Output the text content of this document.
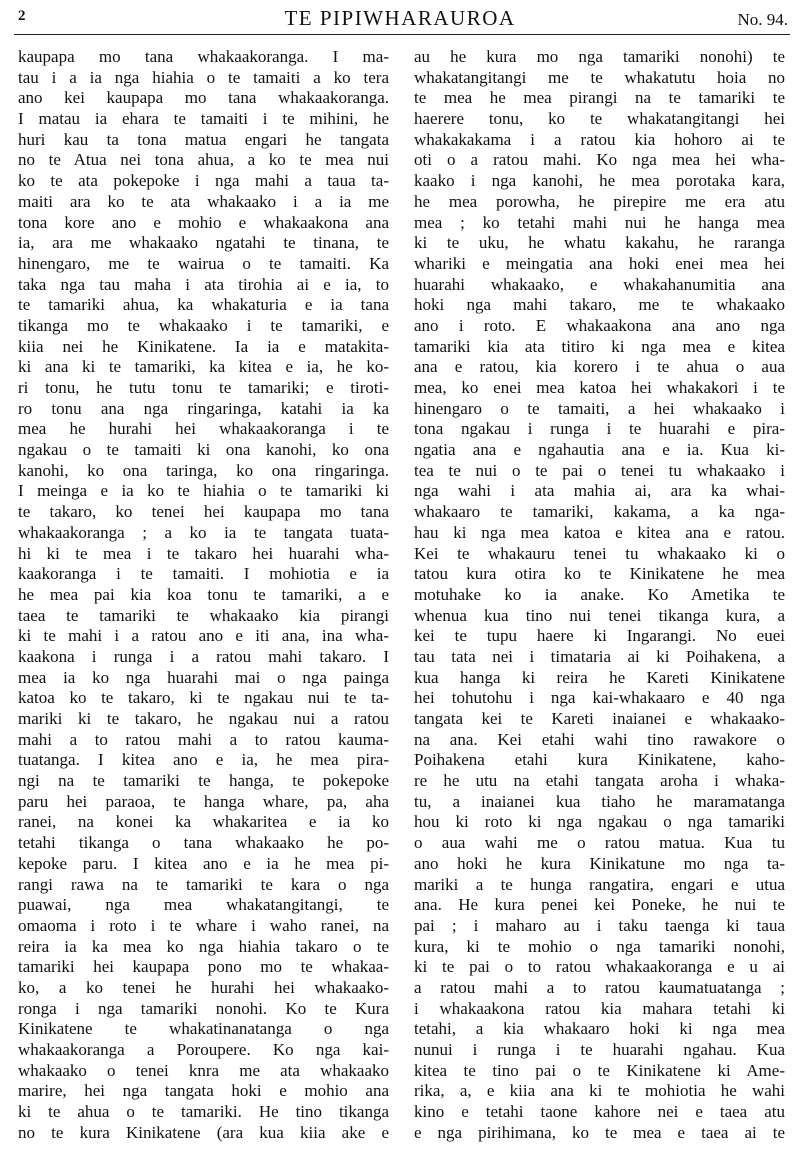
2	TE PIPIWHARAUROA	No. 94.
kaupapa mo tana whakaakoranga. I ma-
tau i a ia nga hiahia o te tamaiti a ko tera
ano kei kaupapa mo tana whakaakoranga.
I matau ia ehara te tamaiti i te mihini, he
huri kau ta tona matua engari he tangata
no te Atua nei tona ahua, a ko te mea nui
ko te ata pokepoke i nga mahi a taua ta-
maiti ara ko te ata whakaako i a ia me
tona kore ano e mohio e whakaakona ana
ia, ara me whakaako ngatahi te tinana, te
hinengaro, me te wairua o te tamaiti. Ka
taka nga tau maha i ata tirohia ai e ia, to
te tamariki ahua, ka whakaturia e ia tana
tikanga mo te whakaako i te tamariki, e
kiia nei he Kinikatene. Ia ia e matakita-
ki ana ki te tamariki, ka kitea e ia, he ko-
ri tonu, he tutu tonu te tamariki; e tiroti-
ro tonu ana nga ringaringa, katahi ia ka
mea he hurahi hei whakaakoranga i te
ngakau o te tamaiti ki ona kanohi, ko ona
kanohi, ko ona taringa, ko ona ringaringa.
I meinga e ia ko te hiahia o te tamariki ki
te takaro, ko tenei hei kaupapa mo tana
whakaakoranga ; a ko ia te tangata tuata-
hi ki te mea i te takaro hei huarahi wha-
kaakoranga i te tamaiti. I mohiotia e ia
he mea pai kia koa tonu te tamariki, a e
taea te tamariki te whakaako kia pirangi
ki te mahi i a ratou ano e iti ana, ina wha-
kaakona i runga i a ratou mahi takaro. I
mea ia ko nga huarahi mai o nga painga
katoa ko te takaro, ki te ngakau nui te ta-
mariki ki te takaro, he ngakau nui a ratou
mahi a to ratou mahi a to ratou kauma-
tuatanga. I kitea ano e ia, he mea pira-
ngi na te tamariki te hanga, te pokepoke
paru hei paraoa, te hanga whare, pa, aha
ranei, na konei ka whakaritea e ia ko
tetahi tikanga o tana whakaako he po-
kepoke paru. I kitea ano e ia he mea pi-
rangi rawa na te tamariki te kara o nga
puawai, nga mea whakatangitangi, te
omaoma i roto i te whare i waho ranei, na
reira ia ka mea ko nga hiahia takaro o te
tamariki hei kaupapa pono mo te whakaa-
ko, a ko tenei he hurahi hei whakaako-
ronga i nga tamariki nonohi. Ko te Kura
Kinikatene te whakatinanatanga o nga
whakaakoranga a Poroupere. Ko nga kai-
whakaako o tenei knra me ata whakaako
marire, hei nga tangata hoki e mohio ana
ki te ahua o te tamariki. He tino tikanga
no te kura Kinikatene (ara kua kiia ake e
au he kura mo nga tamariki nonohi) te
whakatangitangi me te whakatutu hoia no
te mea he mea pirangi na te tamariki te
haerere tonu, ko te whakatangitangi hei
whakakakama i a ratou kia hohoro ai te
oti o a ratou mahi. Ko nga mea hei wha-
kaako i nga kanohi, he mea porotaka kara,
he mea porowha, he pirepire me era atu
mea ; ko tetahi mahi nui he hanga mea
ki te uku, he whatu kakahu, he raranga
whariki e meingatia ana hoki enei mea hei
huarahi whakaako, e whakahanumitia ana
hoki nga mahi takaro, me te whakaako
ano i roto. E whakaakona ana ano nga
tamariki kia ata titiro ki nga mea e kitea
ana e ratou, kia korero i te ahua o aua
mea, ko enei mea katoa hei whakakori i te
hinengaro o te tamaiti, a hei whakaako i
tona ngakau i runga i te huarahi e pira-
ngatia ana e ngahautia ana e ia. Kua ki-
tea te nui o te pai o tenei tu whakaako i
nga wahi i ata mahia ai, ara ka whai-
whakaaro te tamariki, kakama, a ka nga-
hau ki nga mea katoa e kitea ana e ratou.
Kei te whakauru tenei tu whakaako ki o
tatou kura otira ko te Kinikatene he mea
motuhake ko ia anake. Ko Ametika te
whenua kua tino nui tenei tikanga kura, a
kei te tupu haere ki Ingarangi. No euei
tau tata nei i timataria ai ki Poihakena, a
kua hanga ki reira he Kareti Kinikatene
hei tohutohu i nga kai-whakaaro e 40 nga
tangata kei te Kareti inaianei e whakaako-
na ana. Kei etahi wahi tino rawakore o
Poihakena etahi kura Kinikatene, kaho-
re he utu na etahi tangata aroha i whaka-
tu, a inaianei kua tiaho he maramatanga
hou ki roto ki nga ngakau o nga tamariki
o aua wahi me o ratou matua. Kua tu
ano hoki he kura Kinikatune mo nga ta-
mariki a te hunga rangatira, engari e utua
ana. He kura penei kei Poneke, he nui te
pai ; i maharo au i taku taenga ki taua
kura, ki te mohio o nga tamariki nonohi,
ki te pai o to ratou whakaakoranga e u ai
a ratou mahi a to ratou kaumatuatanga ;
i whakaakona ratou kia mahara tetahi ki
tetahi, a kia whakaaro hoki ki nga mea
nunui i runga i te huarahi ngahau. Kua
kitea te tino pai o te Kinikatene ki Ame-
rika, a, e kiia ana ki te mohiotia he wahi
kino e tetahi taone kahore nei e taea atu
e nga pirihimana, ko te mea e taea ai te
